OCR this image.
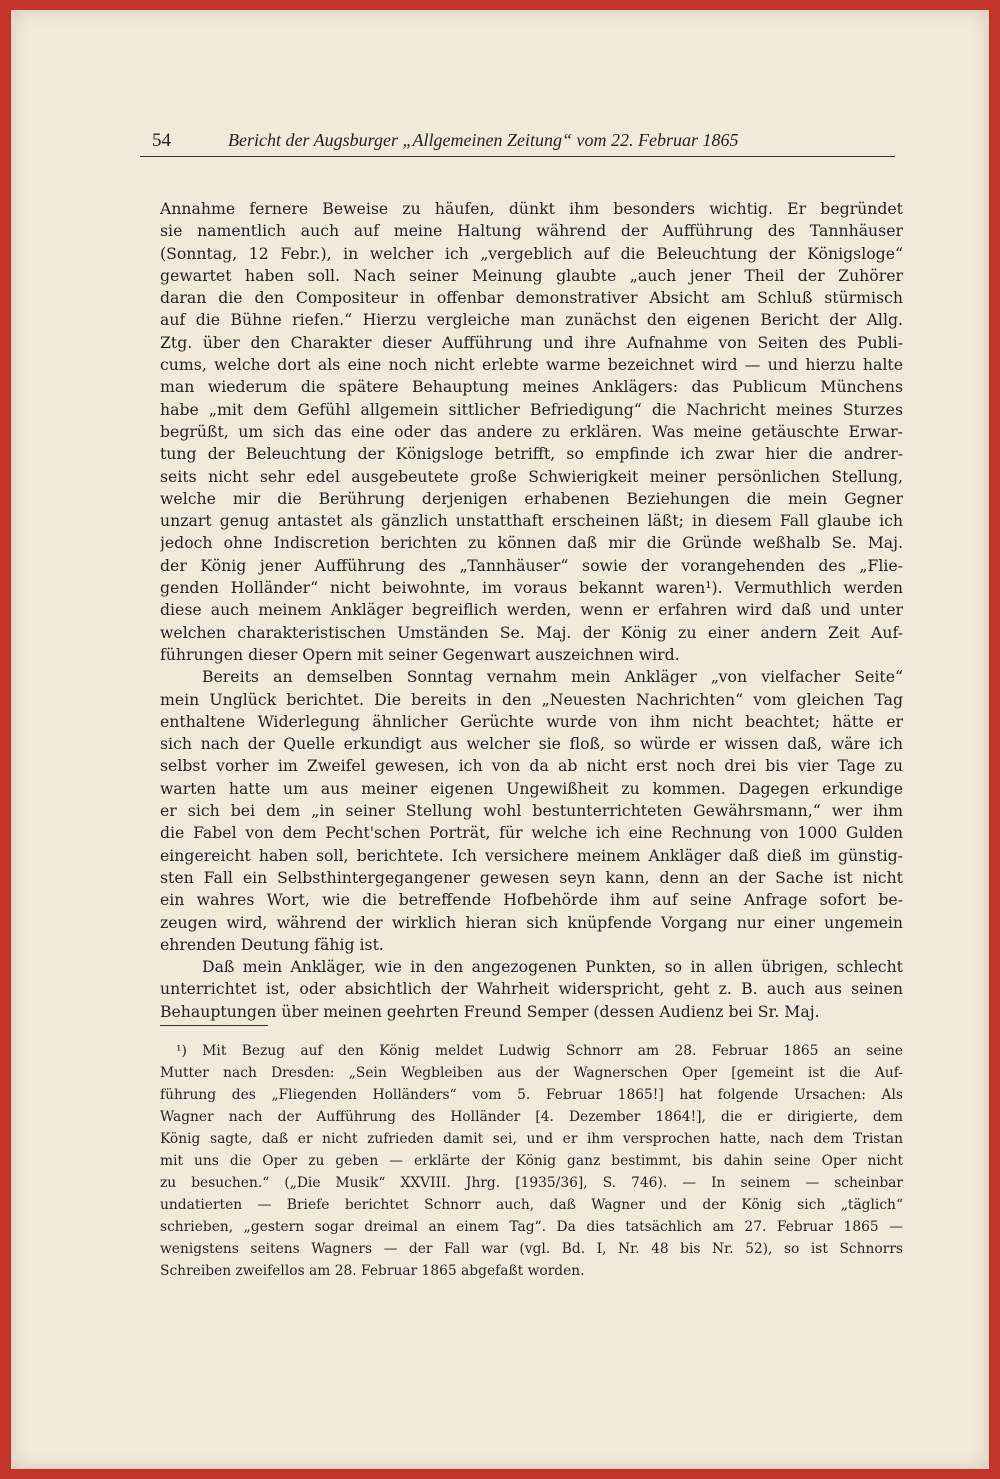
54	Bericht der Augsburger „Allgemeinen Zeitung“ vom 22. Februar 1865
Annahme fernere Beweise zu häufen, dünkt ihm besonders wichtig. Er begründet
sie namentlich auch auf meine Haltung während der Aufführung des Tannhäuser
(Sonntag, 12 Febr.), in welcher ich „vergeblich auf die Beleuchtung der Königsloge“
gewartet haben soll. Nach seiner Meinung glaubte „auch jener Theil der Zuhörer
daran die den Compositeur in offenbar demonstrativer Absicht am Schluß stürmisch
auf die Bühne riefen.“ Hierzu vergleiche man zunächst den eigenen Bericht der Allg.
Ztg. über den Charakter dieser Aufführung und ihre Aufnahme von Seiten des Publi-
cums, welche dort als eine noch nicht erlebte warme bezeichnet wird — und hierzu halte
man wiederum die spätere Behauptung meines Anklägers: das Publicum Münchens
habe „mit dem Gefühl allgemein sittlicher Befriedigung“ die Nachricht meines Sturzes
begrüßt, um sich das eine oder das andere zu erklären. Was meine getäuschte Erwar-
tung der Beleuchtung der Königsloge betrifft, so empfinde ich zwar hier die andrer-
seits nicht sehr edel ausgebeutete große Schwierigkeit meiner persönlichen Stellung,
welche mir die Berührung derjenigen erhabenen Beziehungen die mein Gegner
unzart genug antastet als gänzlich unstatthaft erscheinen läßt; in diesem Fall glaube ich
jedoch ohne Indiscretion berichten zu können daß mir die Gründe weßhalb Se. Maj.
der König jener Aufführung des „Tannhäuser“ sowie der vorangehenden des „Flie-
genden Holländer“ nicht beiwohnte, im voraus bekannt waren¹). Vermuthlich werden
diese auch meinem Ankläger begreiflich werden, wenn er erfahren wird daß und unter
welchen charakteristischen Umständen Se. Maj. der König zu einer andern Zeit Auf-
führungen dieser Opern mit seiner Gegenwart auszeichnen wird.
Bereits an demselben Sonntag vernahm mein Ankläger „von vielfacher Seite“
mein Unglück berichtet. Die bereits in den „Neuesten Nachrichten“ vom gleichen Tag
enthaltene Widerlegung ähnlicher Gerüchte wurde von ihm nicht beachtet; hätte er
sich nach der Quelle erkundigt aus welcher sie floß, so würde er wissen daß, wäre ich
selbst vorher im Zweifel gewesen, ich von da ab nicht erst noch drei bis vier Tage zu
warten hatte um aus meiner eigenen Ungewißheit zu kommen. Dagegen erkundige
er sich bei dem „in seiner Stellung wohl bestunterrichteten Gewährsmann,“ wer ihm
die Fabel von dem Pecht'schen Porträt, für welche ich eine Rechnung von 1000 Gulden
eingereicht haben soll, berichtete. Ich versichere meinem Ankläger daß dieß im günstig-
sten Fall ein Selbsthintergegangener gewesen seyn kann, denn an der Sache ist nicht
ein wahres Wort, wie die betreffende Hofbehörde ihm auf seine Anfrage sofort be-
zeugen wird, während der wirklich hieran sich knüpfende Vorgang nur einer ungemein
ehrenden Deutung fähig ist.
Daß mein Ankläger, wie in den angezogenen Punkten, so in allen übrigen, schlecht
unterrichtet ist, oder absichtlich der Wahrheit widerspricht, geht z. B. auch aus seinen
Behauptungen über meinen geehrten Freund Semper (dessen Audienz bei Sr. Maj.
¹) Mit Bezug auf den König meldet Ludwig Schnorr am 28. Februar 1865 an seine
Mutter nach Dresden: „Sein Wegbleiben aus der Wagnerschen Oper [gemeint ist die Auf-
führung des „Fliegenden Holländers“ vom 5. Februar 1865!] hat folgende Ursachen: Als
Wagner nach der Aufführung des Holländer [4. Dezember 1864!], die er dirigierte, dem
König sagte, daß er nicht zufrieden damit sei, und er ihm versprochen hatte, nach dem Tristan
mit uns die Oper zu geben — erklärte der König ganz bestimmt, bis dahin seine Oper nicht
zu besuchen.“ („Die Musik“ XXVIII. Jhrg. [1935/36], S. 746). — In seinem — scheinbar
undatierten — Briefe berichtet Schnorr auch, daß Wagner und der König sich „täglich“
schrieben, „gestern sogar dreimal an einem Tag“. Da dies tatsächlich am 27. Februar 1865 —
wenigstens seitens Wagners — der Fall war (vgl. Bd. I, Nr. 48 bis Nr. 52), so ist Schnorrs
Schreiben zweifellos am 28. Februar 1865 abgefaßt worden.
